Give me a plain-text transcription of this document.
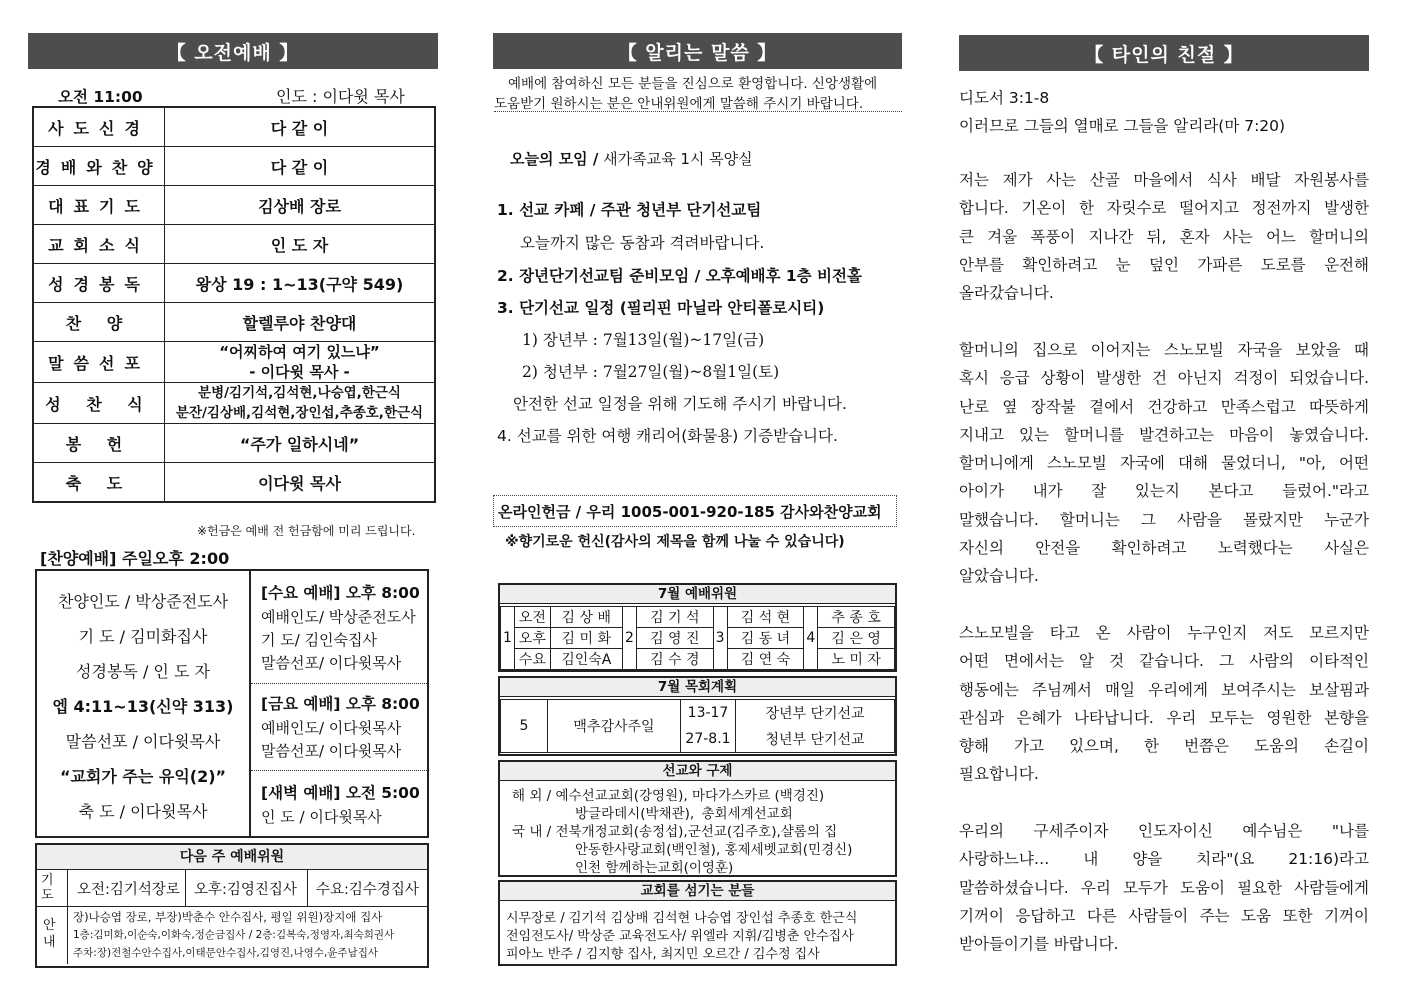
【 오전예배 】
오전 11:00	인도 : 이다윗 목사
사도신경	다 같 이
경배와찬양	다 같 이
대표기도	김상배 장로
교회소식	인 도 자
성경봉독	왕상 19 : 1~13(구약 549)
찬 양	할렐루야 찬양대
말씀선포	“어찌하여 여기 있느냐”
- 이다윗 목사 -

성 찬 식	분병/김기석,김석현,나승엽,한근식
분잔/김상배,김석현,장인섭,추종호,한근식

봉 헌	“주가 일하시네”
축 도	이다윗 목사
※헌금은 예배 전 헌금함에 미리 드립니다.
[찬양예배] 주일오후 2:00
찬양인도 / 박상준전도사
기 도 / 김미화집사
성경봉독 / 인 도 자
엡 4:11~13(신약 313)
말씀선포 / 이다윗목사
“교회가 주는 유익(2)”
축 도 / 이다윗목사
[수요 예배] 오후 8:00
예배인도/ 박상준전도사
기 도/ 김인숙집사
말씀선포/ 이다윗목사
[금요 예배] 오후 8:00
예배인도/ 이다윗목사
말씀선포/ 이다윗목사
[새벽 예배] 오전 5:00
인 도 / 이다윗목사
다음 주 예배위원
기도 오전:김기석장로 오후:김영진집사 수요:김수경집사
안내
장)나승엽 장로, 부장)박춘수 안수집사, 평일 위원)장지애 집사
1층:김미화,이순숙,이화숙,정순금집사 / 2층:김복숙,정영자,최숙희권사
주차:장)전철수안수집사,이태문안수집사,김영진,나영수,윤주남집사
【 알리는 말씀 】
예배에 참여하신 모든 분들을 진심으로 환영합니다. 신앙생활에
도움받기 원하시는 분은 안내위원에게 말씀해 주시기 바랍니다.
오늘의 모임 / 새가족교육 1시 목양실
1. 선교 카페 / 주관 청년부 단기선교팀
오늘까지 많은 동참과 격려바랍니다.
2. 장년단기선교팀 준비모임 / 오후예배후 1층 비전홀
3. 단기선교 일정 (필리핀 마닐라 안티폴로시티)
1) 장년부 : 7월13일(월)~17일(금)
2) 청년부 : 7월27일(월)~8월1일(토)
안전한 선교 일정을 위해 기도해 주시기 바랍니다.
4. 선교를 위한 여행 캐리어(화물용) 기증받습니다.
온라인헌금 / 우리 1005-001-920-185 감사와찬양교회
※향기로운 헌신(감사의 제목을 함께 나눌 수 있습니다)
7월 예배위원
1	오전	김 상 배	2	김 기 석	3	김 석 현	4	추 종 호
	오후	김 미 화		김 영 진		김 동 녀		김 은 영
	수요	김인숙A		김 수 경		김 연 숙		노 미 자
7월 목회계획
5	맥추감사주일	13-17	장년부 단기선교
		27-8.1	청년부 단기선교
선교와 구제
해 외 / 예수선교교회(강영원), 마다가스카르 (백경진)
방글라데시(박채관), 총회세계선교회
국 내 / 전북개정교회(송정섭),군선교(김주호),샬롬의 집
안동한사랑교회(백인철), 홍제세벳교회(민경신)
인천 함께하는교회(이영훈)
교회를 섬기는 분들
시무장로 / 김기석 김상배 김석현 나승엽 장인섭 추종호 한근식
전임전도사/ 박상준 교육전도사/ 위엘라 지휘/김병춘 안수집사
피아노 반주 / 김지향 집사, 최지민 오르간 / 김수정 집사
【 타인의 친절 】
디도서 3:1-8
이러므로 그들의 열매로 그들을 알리라(마 7:20)
저는 제가 사는 산골 마을에서 식사 배달 자원봉사를
합니다. 기온이 한 자릿수로 떨어지고 정전까지 발생한
큰 겨울 폭풍이 지나간 뒤, 혼자 사는 어느 할머니의
안부를 확인하려고 눈 덮인 가파른 도로를 운전해
올라갔습니다.
할머니의 집으로 이어지는 스노모빌 자국을 보았을 때
혹시 응급 상황이 발생한 건 아닌지 걱정이 되었습니다.
난로 옆 장작불 곁에서 건강하고 만족스럽고 따뜻하게
지내고 있는 할머니를 발견하고는 마음이 놓였습니다.
할머니에게 스노모빌 자국에 대해 물었더니, "아, 어떤
아이가 내가 잘 있는지 본다고 들렀어."라고
말했습니다. 할머니는 그 사람을 몰랐지만 누군가
자신의 안전을 확인하려고 노력했다는 사실은
알았습니다.
스노모빌을 타고 온 사람이 누구인지 저도 모르지만
어떤 면에서는 알 것 같습니다. 그 사람의 이타적인
행동에는 주님께서 매일 우리에게 보여주시는 보살핌과
관심과 은혜가 나타납니다. 우리 모두는 영원한 본향을
향해 가고 있으며, 한 번쯤은 도움의 손길이
필요합니다.
우리의 구세주이자 인도자이신 예수님은 "나를
사랑하느냐… 내 양을 치라"(요 21:16)라고
말씀하셨습니다. 우리 모두가 도움이 필요한 사람들에게
기꺼이 응답하고 다른 사람들이 주는 도움 또한 기꺼이
받아들이기를 바랍니다.
